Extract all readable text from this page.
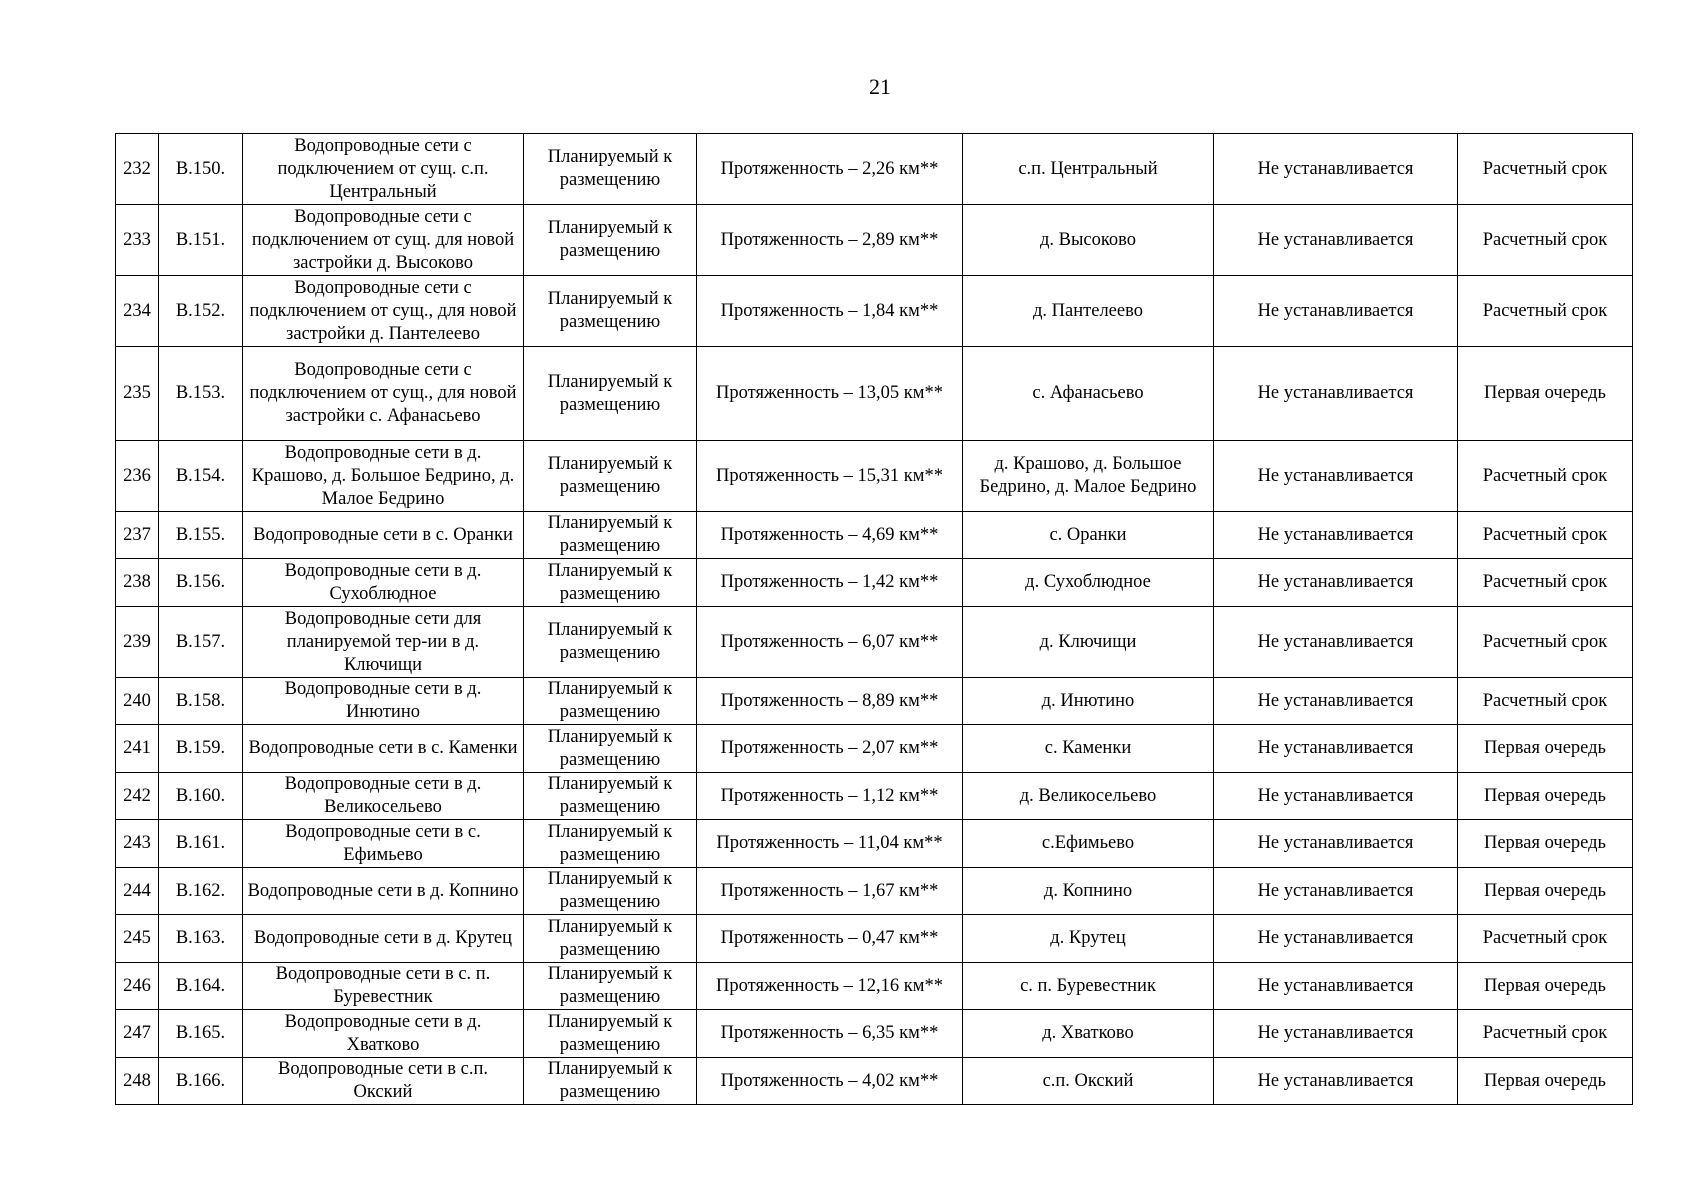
21
232	В.150.	Водопроводные сети с подключением от сущ. с.п. Центральный	Планируемый к размещению	Протяженность – 2,26 км**	с.п. Центральный	Не устанавливается	Расчетный срок
233	В.151.	Водопроводные сети с подключением от сущ. для новой застройки д. Высоково	Планируемый к размещению	Протяженность – 2,89 км**	д. Высоково	Не устанавливается	Расчетный срок
234	В.152.	Водопроводные сети с подключением от сущ., для новой застройки д. Пантелеево	Планируемый к размещению	Протяженность – 1,84 км**	д. Пантелеево	Не устанавливается	Расчетный срок
235	В.153.	Водопроводные сети с подключением от сущ., для новой застройки с. Афанасьево	Планируемый к размещению	Протяженность – 13,05 км**	с. Афанасьево	Не устанавливается	Первая очередь
236	В.154.	Водопроводные сети в д. Крашово, д. Большое Бедрино, д. Малое Бедрино	Планируемый к размещению	Протяженность – 15,31 км**	д. Крашово, д. Большое Бедрино, д. Малое Бедрино	Не устанавливается	Расчетный срок
237	В.155.	Водопроводные сети в с. Оранки	Планируемый к размещению	Протяженность – 4,69 км**	с. Оранки	Не устанавливается	Расчетный срок
238	В.156.	Водопроводные сети в д. Сухоблюдное	Планируемый к размещению	Протяженность – 1,42 км**	д. Сухоблюдное	Не устанавливается	Расчетный срок
239	В.157.	Водопроводные сети для планируемой тер-ии в д. Ключищи	Планируемый к размещению	Протяженность – 6,07 км**	д. Ключищи	Не устанавливается	Расчетный срок
240	В.158.	Водопроводные сети в д. Инютино	Планируемый к размещению	Протяженность – 8,89 км**	д. Инютино	Не устанавливается	Расчетный срок
241	В.159.	Водопроводные сети в с. Каменки	Планируемый к размещению	Протяженность – 2,07 км**	с. Каменки	Не устанавливается	Первая очередь
242	В.160.	Водопроводные сети в д. Великосельево	Планируемый к размещению	Протяженность – 1,12 км**	д. Великосельево	Не устанавливается	Первая очередь
243	В.161.	Водопроводные сети в с. Ефимьево	Планируемый к размещению	Протяженность – 11,04 км**	с.Ефимьево	Не устанавливается	Первая очередь
244	В.162.	Водопроводные сети в д. Копнино	Планируемый к размещению	Протяженность – 1,67 км**	д. Копнино	Не устанавливается	Первая очередь
245	В.163.	Водопроводные сети в д. Крутец	Планируемый к размещению	Протяженность – 0,47 км**	д. Крутец	Не устанавливается	Расчетный срок
246	В.164.	Водопроводные сети в с. п. Буревестник	Планируемый к размещению	Протяженность – 12,16 км**	с. п. Буревестник	Не устанавливается	Первая очередь
247	В.165.	Водопроводные сети в д. Хватково	Планируемый к размещению	Протяженность – 6,35 км**	д. Хватково	Не устанавливается	Расчетный срок
248	В.166.	Водопроводные сети в с.п. Окский	Планируемый к размещению	Протяженность – 4,02 км**	с.п. Окский	Не устанавливается	Первая очередь
